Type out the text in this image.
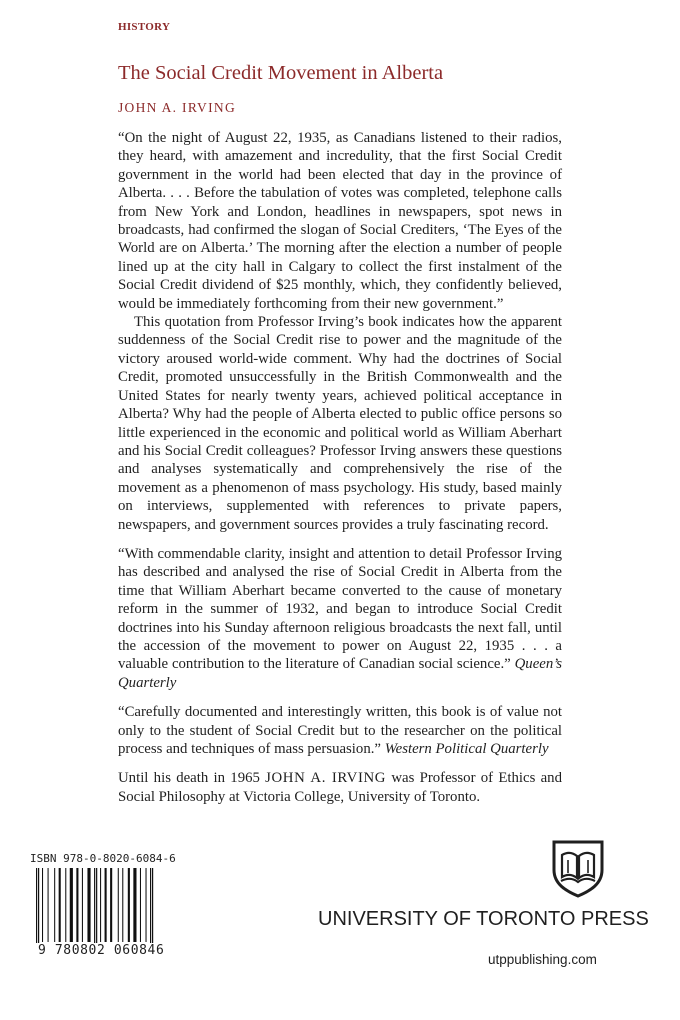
HISTORY
The Social Credit Movement in Alberta
JOHN A. IRVING

“On the night of August 22, 1935, as Canadians listened to their radios, they heard, with amazement and incredulity, that the first Social Credit government in the world had been elected that day in the province of Alberta. . . . Before the tabulation of votes was completed, telephone calls from New York and London, headlines in newspapers, spot news in broadcasts, had confirmed the slogan of Social Crediters, ‘The Eyes of the World are on Alberta.’ The morning after the election a number of people lined up at the city hall in Calgary to collect the first instalment of the Social Credit dividend of $25 monthly, which, they confidently believed, would be immediately forthcoming from their new government.”

This quotation from Professor Irving’s book indicates how the apparent suddenness of the Social Credit rise to power and the magnitude of the victory aroused world-wide comment. Why had the doctrines of Social Credit, promoted unsuccessfully in the British Commonwealth and the United States for nearly twenty years, achieved political acceptance in Alberta? Why had the people of Alberta elected to public office persons so little experienced in the economic and political world as William Aberhart and his Social Credit colleagues? Professor Irving answers these questions and analyses systematically and comprehensively the rise of the movement as a phenomenon of mass psychology. His study, based mainly on interviews, supplemented with references to private papers, newspapers, and government sources provides a truly fascinating record.

“With commendable clarity, insight and attention to detail Professor Irving has described and analysed the rise of Social Credit in Alberta from the time that William Aberhart became converted to the cause of monetary reform in the summer of 1932, and began to introduce Social Credit doctrines into his Sunday afternoon religious broadcasts the next fall, until the accession of the movement to power on August 22, 1935 . . . a valuable contribution to the literature of Canadian social science.” Queen’s Quarterly

“Carefully documented and interestingly written, this book is of value not only to the student of Social Credit but to the researcher on the political process and techniques of mass persuasion.” Western Political Quarterly

Until his death in 1965 JOHN A. IRVING was Professor of Ethics and Social Philosophy at Victoria College, University of Toronto.

ISBN 978-0-8020-6084-6
9 780802 060846
UNIVERSITY OF TORONTO PRESS
utppublishing.com
